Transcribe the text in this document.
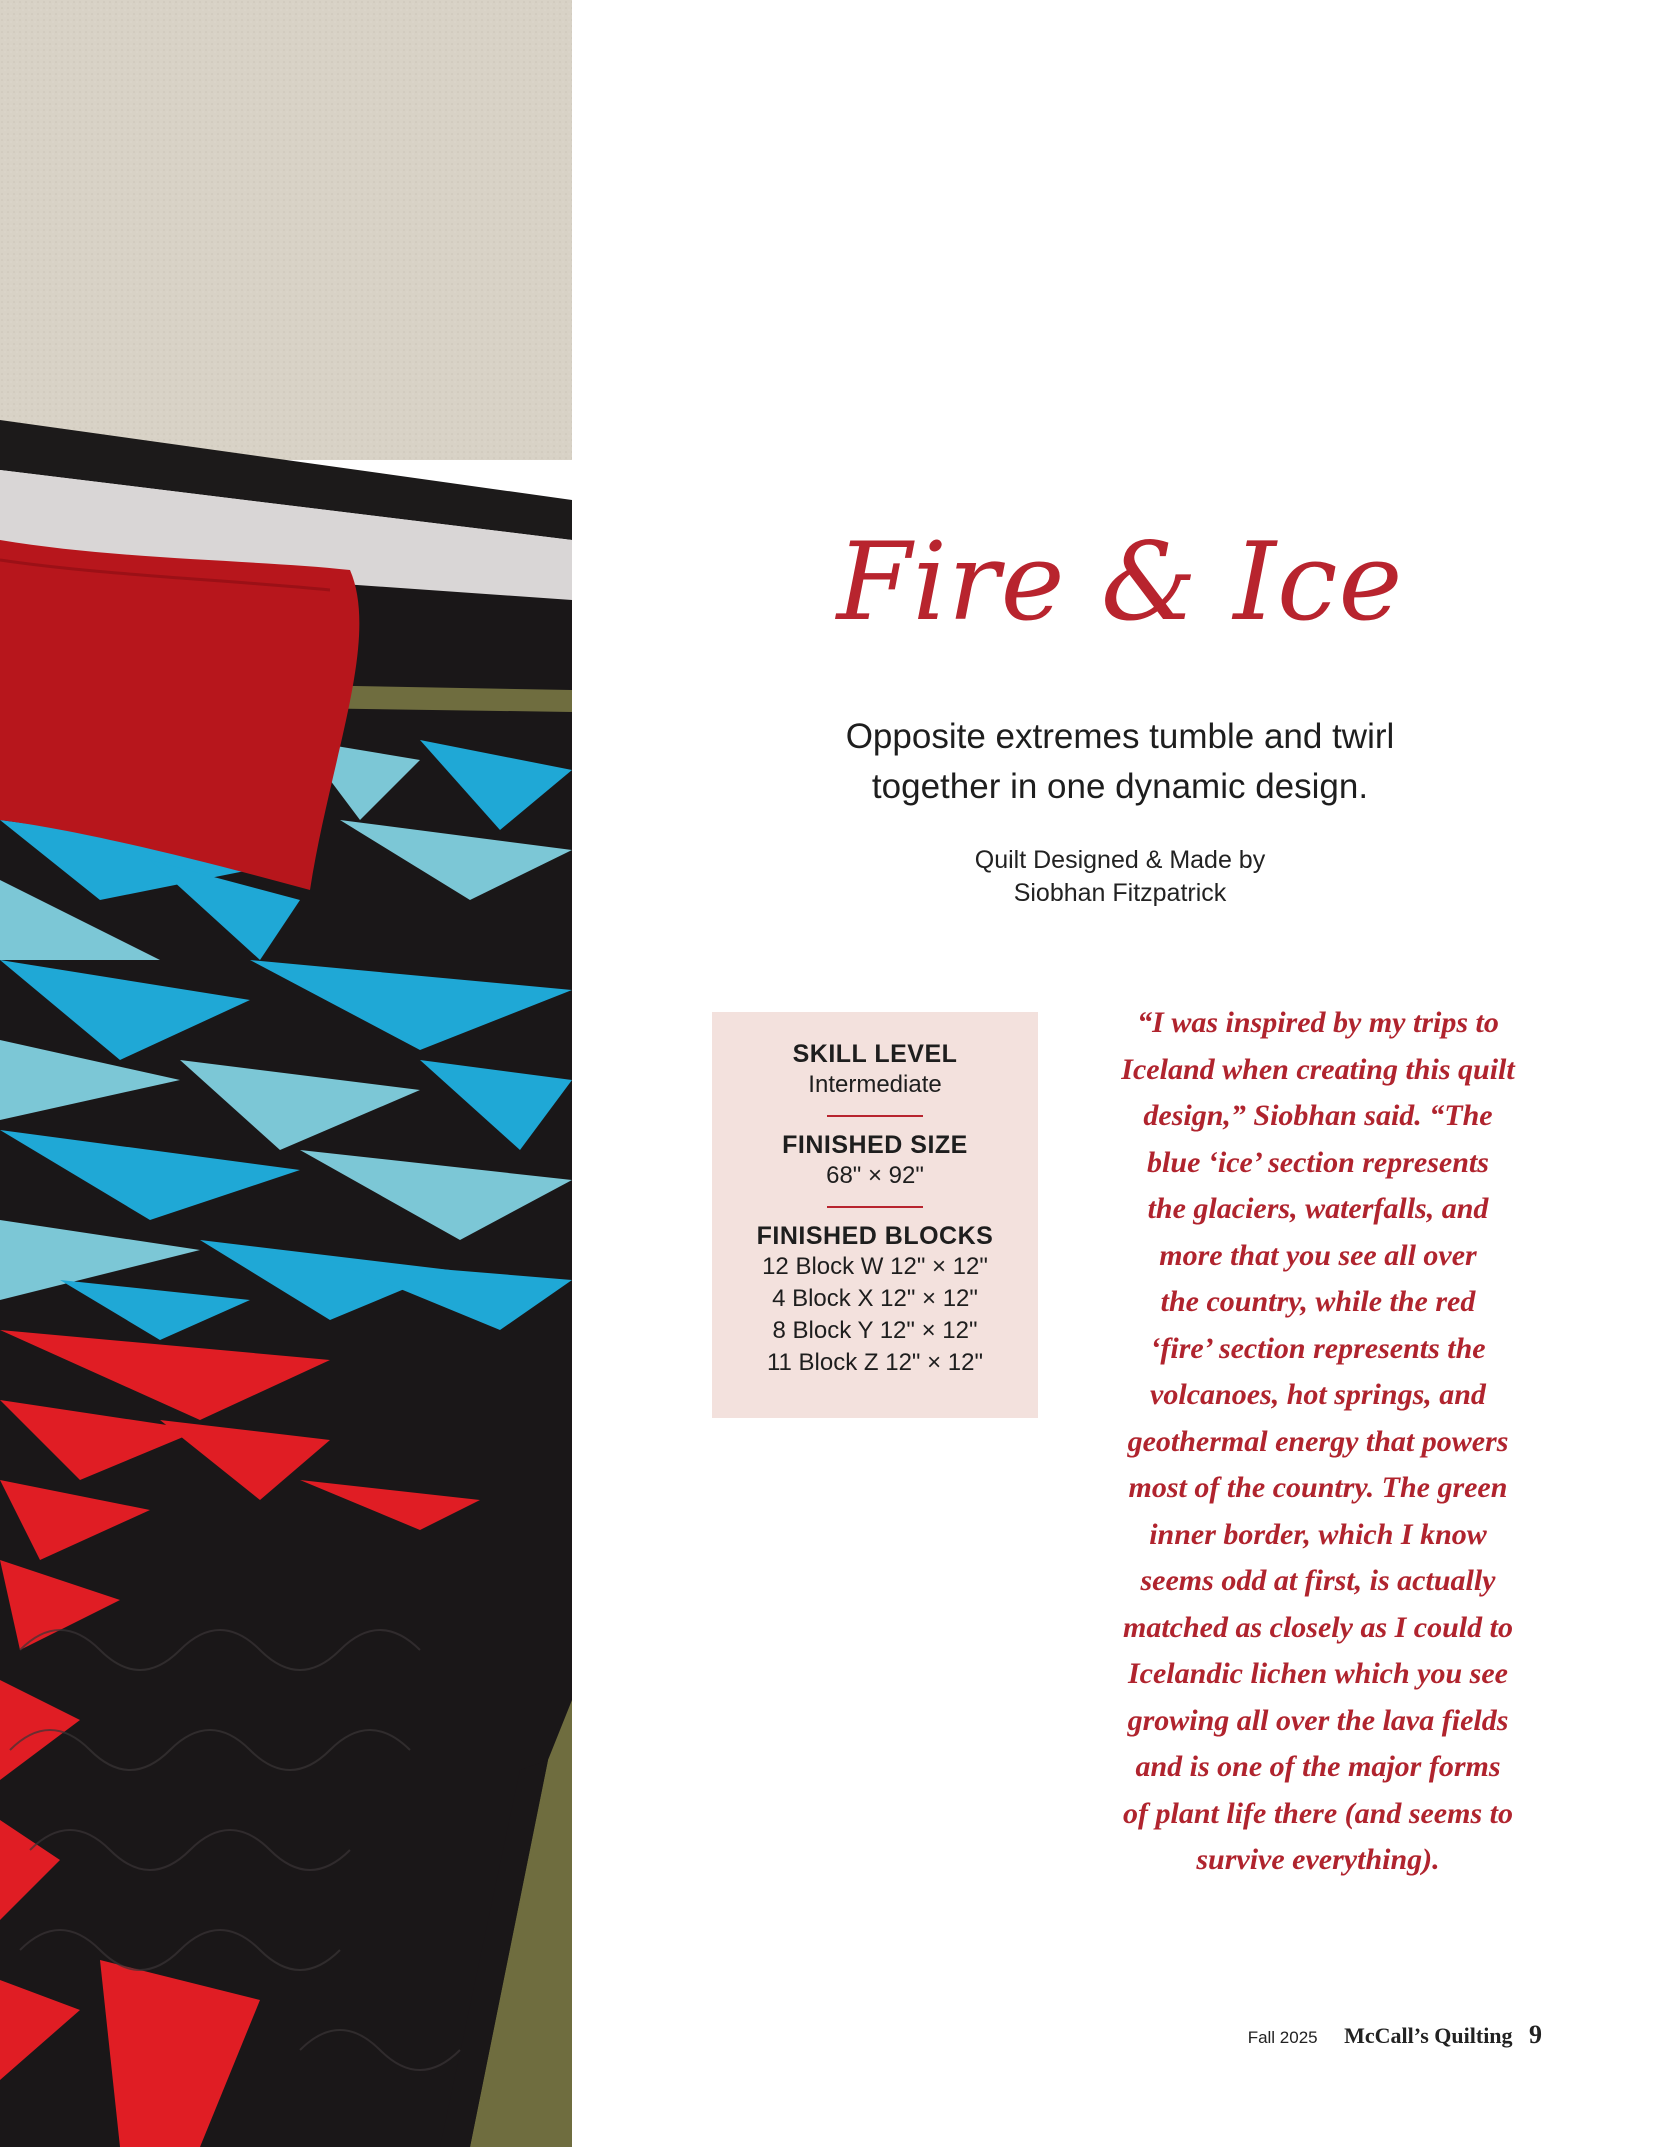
Fire & Ice
Opposite extremes tumble and twirl
together in one dynamic design.
Quilt Designed & Made by
Siobhan Fitzpatrick
SKILL LEVEL
Intermediate
FINISHED SIZE
68" × 92"
FINISHED BLOCKS
12 Block W 12" × 12"
4 Block X 12" × 12"
8 Block Y 12" × 12"
11 Block Z 12" × 12"
“I was inspired by my trips to
Iceland when creating this quilt
design,” Siobhan said. “The
blue ‘ice’ section represents
the glaciers, waterfalls, and
more that you see all over
the country, while the red
‘fire’ section represents the
volcanoes, hot springs, and
geothermal energy that powers
most of the country. The green
inner border, which I know
seems odd at first, is actually
matched as closely as I could to
Icelandic lichen which you see
growing all over the lava fields
and is one of the major forms
of plant life there (and seems to
survive everything).
Fall 2025 McCall’s Quilting 9
